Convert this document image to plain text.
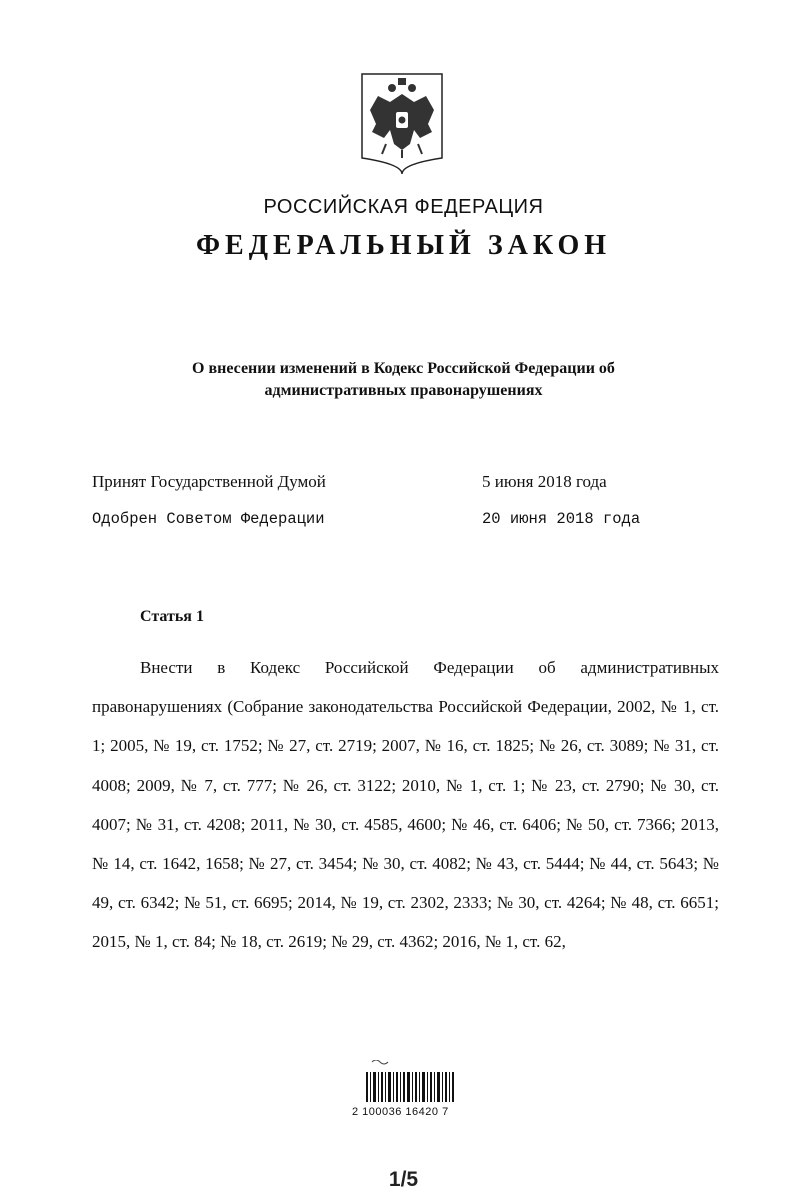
РОССИЙСКАЯ ФЕДЕРАЦИЯ
ФЕДЕРАЛЬНЫЙ ЗАКОН
О внесении изменений в Кодекс Российской Федерации об
административных правонарушениях
Принят Государственной Думой	5 июня 2018 года
Одобрен Советом Федерации	20 июня 2018 года
Статья 1
Внести в Кодекс Российской Федерации об административных правонарушениях (Собрание законодательства Российской Федерации, 2002, № 1, ст. 1; 2005, № 19, ст. 1752; № 27, ст. 2719; 2007, № 16, ст. 1825; № 26, ст. 3089; № 31, ст. 4008; 2009, № 7, ст. 777; № 26, ст. 3122; 2010, № 1, ст. 1; № 23, ст. 2790; № 30, ст. 4007; № 31, ст. 4208; 2011, № 30, ст. 4585, 4600; № 46, ст. 6406; № 50, ст. 7366; 2013, № 14, ст. 1642, 1658; № 27, ст. 3454; № 30, ст. 4082; № 43, ст. 5444; № 44, ст. 5643; № 49, ст. 6342; № 51, ст. 6695; 2014, № 19, ст. 2302, 2333; № 30, ст. 4264; № 48, ст. 6651; 2015, № 1, ст. 84; № 18, ст. 2619; № 29, ст. 4362; 2016, № 1, ст. 62,
2 100036 16420 7
1/5
